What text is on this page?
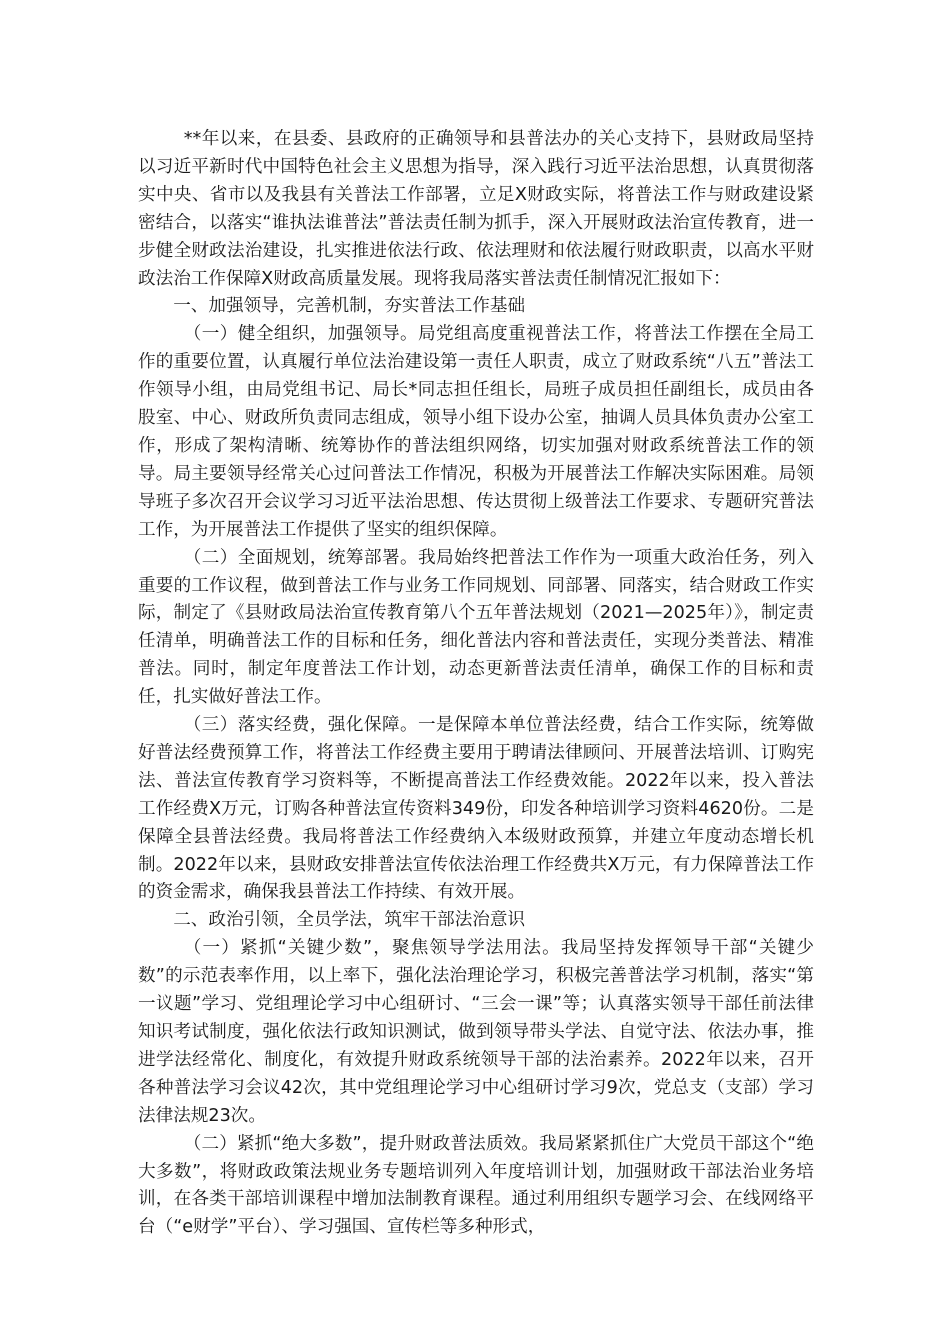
**年以来，在县委、县政府的正确领导和县普法办的关心支持下，县财政局坚持以习近平新时代中国特色社会主义思想为指导，深入践行习近平法治思想，认真贯彻落实中央、省市以及我县有关普法工作部署，立足X财政实际，将普法工作与财政建设紧密结合，以落实“谁执法谁普法”普法责任制为抓手，深入开展财政法治宣传教育，进一步健全财政法治建设，扎实推进依法行政、依法理财和依法履行财政职责，以高水平财政法治工作保障X财政高质量发展。现将我局落实普法责任制情况汇报如下：

一、加强领导，完善机制，夯实普法工作基础

（一）健全组织，加强领导。局党组高度重视普法工作，将普法工作摆在全局工作的重要位置，认真履行单位法治建设第一责任人职责，成立了财政系统“八五”普法工作领导小组，由局党组书记、局长*同志担任组长，局班子成员担任副组长，成员由各股室、中心、财政所负责同志组成，领导小组下设办公室，抽调人员具体负责办公室工作，形成了架构清晰、统筹协作的普法组织网络，切实加强对财政系统普法工作的领导。局主要领导经常关心过问普法工作情况，积极为开展普法工作解决实际困难。局领导班子多次召开会议学习习近平法治思想、传达贯彻上级普法工作要求、专题研究普法工作，为开展普法工作提供了坚实的组织保障。

（二）全面规划，统筹部署。我局始终把普法工作作为一项重大政治任务，列入重要的工作议程，做到普法工作与业务工作同规划、同部署、同落实，结合财政工作实际，制定了《县财政局法治宣传教育第八个五年普法规划（2021—2025年）》，制定责任清单，明确普法工作的目标和任务，细化普法内容和普法责任，实现分类普法、精准普法。同时，制定年度普法工作计划，动态更新普法责任清单，确保工作的目标和责任，扎实做好普法工作。

（三）落实经费，强化保障。一是保障本单位普法经费，结合工作实际，统筹做好普法经费预算工作，将普法工作经费主要用于聘请法律顾问、开展普法培训、订购宪法、普法宣传教育学习资料等，不断提高普法工作经费效能。2022年以来，投入普法工作经费X万元，订购各种普法宣传资料349份，印发各种培训学习资料4620份。二是保障全县普法经费。我局将普法工作经费纳入本级财政预算，并建立年度动态增长机制。2022年以来，县财政安排普法宣传依法治理工作经费共X万元，有力保障普法工作的资金需求，确保我县普法工作持续、有效开展。

二、政治引领，全员学法，筑牢干部法治意识

（一）紧抓“关键少数”，聚焦领导学法用法。我局坚持发挥领导干部“关键少数”的示范表率作用，以上率下，强化法治理论学习，积极完善普法学习机制，落实“第一议题”学习、党组理论学习中心组研讨、“三会一课”等；认真落实领导干部任前法律知识考试制度，强化依法行政知识测试，做到领导带头学法、自觉守法、依法办事，推进学法经常化、制度化，有效提升财政系统领导干部的法治素养。2022年以来，召开各种普法学习会议42次，其中党组理论学习中心组研讨学习9次，党总支（支部）学习法律法规23次。

（二）紧抓“绝大多数”，提升财政普法质效。我局紧紧抓住广大党员干部这个“绝大多数”，将财政政策法规业务专题培训列入年度培训计划，加强财政干部法治业务培训，在各类干部培训课程中增加法制教育课程。通过利用组织专题学习会、在线网络平台（“e财学”平台）、学习强国、宣传栏等多种形式，
